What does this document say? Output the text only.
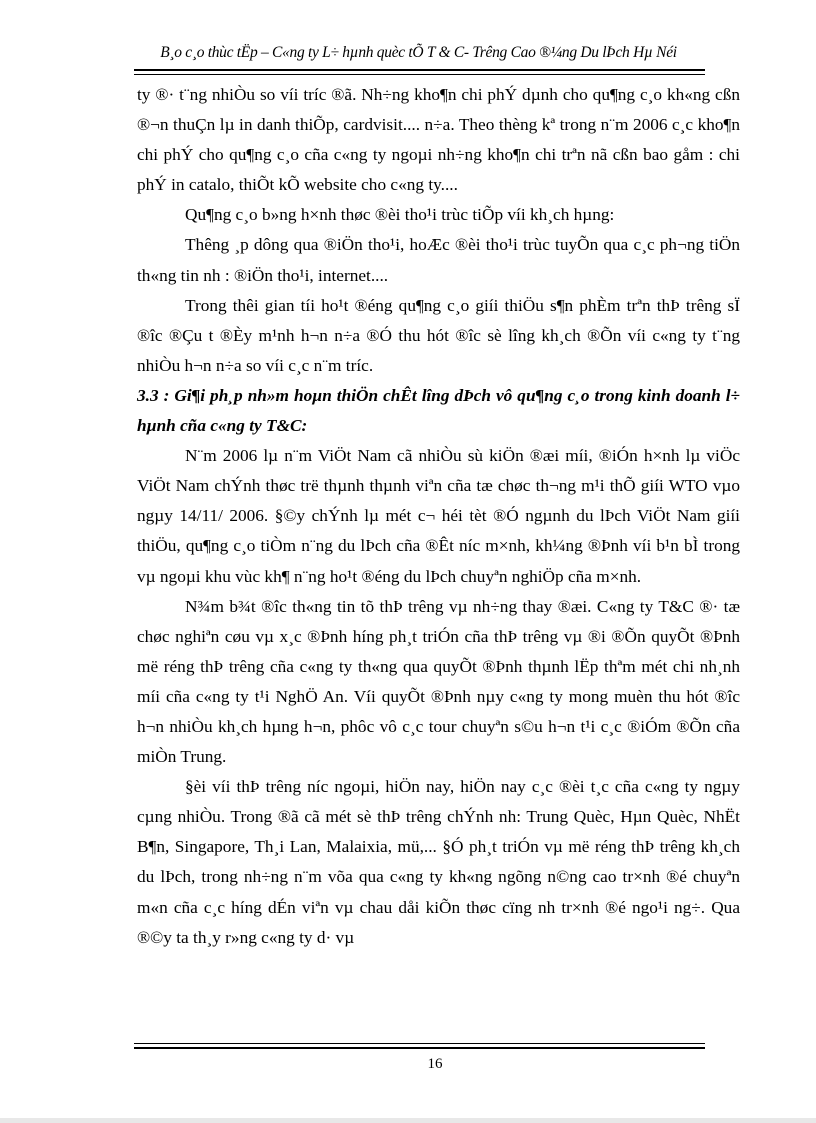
B¸o c¸o thùc tËp – C«ng ty L÷ hµnh quèc tÕ T & C- Trêng Cao ®¼ng Du lÞch Hµ Néi

ty ®· t¨ng nhiÒu so víi tríc ®ã. Nh÷ng kho¶n chi phÝ dµnh cho qu¶ng c¸o kh«ng cßn ®¬n thuÇn lµ in danh thiÕp, cardvisit.... n÷a. Theo thèng kª trong n¨m 2006 c¸c kho¶n chi phÝ cho qu¶ng c¸o cña c«ng ty ngoµi nh÷ng kho¶n chi trªn nã cßn bao gåm : chi phÝ in catalo, thiÕt kÕ website cho c«ng ty....

Qu¶ng c¸o b»ng h×nh thøc ®èi tho¹i trùc tiÕp víi kh¸ch hµng:

Thêng ¸p dông qua ®iÖn tho¹i, hoÆc ®èi tho¹i trùc tuyÕn qua c¸c ph¬ng tiÖn th«ng tin nh : ®iÖn tho¹i, internet....

Trong thêi gian tíi ho¹t ®éng qu¶ng c¸o giíi thiÖu s¶n phÈm trªn thÞ trêng sÏ ®îc ®Çu t ®Èy m¹nh h¬n n÷a ®Ó thu hót ®îc sè lîng kh¸ch ®Õn víi c«ng ty t¨ng nhiÒu h¬n n÷a so víi c¸c n¨m tríc.

3.3 : Gi¶i ph¸p nh»m hoµn thiÖn chÊt lîng dÞch vô qu¶ng c¸o trong kinh doanh l÷ hµnh cña c«ng ty T&C:

N¨m 2006 lµ n¨m ViÖt Nam cã nhiÒu sù kiÖn ®æi míi, ®iÓn h×nh lµ viÖc ViÖt Nam chÝnh thøc trë thµnh thµnh viªn cña tæ chøc th¬ng m¹i thÕ giíi WTO vµo ngµy 14/11/ 2006. §©y chÝnh lµ mét c¬ héi tèt ®Ó ngµnh du lÞch ViÖt Nam giíi thiÖu, qu¶ng c¸o tiÒm n¨ng du lÞch cña ®Êt níc m×nh, kh¼ng ®Þnh víi b¹n bÌ trong vµ ngoµi khu vùc kh¶ n¨ng ho¹t ®éng du lÞch chuyªn nghiÖp cña m×nh.

N¾m b¾t ®îc th«ng tin tõ thÞ trêng vµ nh÷ng thay ®æi. C«ng ty T&C ®· tæ chøc nghiªn cøu vµ x¸c ®Þnh híng ph¸t triÓn cña thÞ trêng vµ ®i ®Õn quyÕt ®Þnh më réng thÞ trêng cña c«ng ty th«ng qua quyÕt ®Þnh thµnh lËp thªm mét chi nh¸nh míi cña c«ng ty t¹i NghÖ An. Víi quyÕt ®Þnh nµy c«ng ty mong muèn thu hót ®îc h¬n nhiÒu kh¸ch hµng h¬n, phôc vô c¸c tour chuyªn s©u h¬n t¹i c¸c ®iÓm ®Õn cña miÒn Trung.

§èi víi thÞ trêng níc ngoµi, hiÖn nay, hiÖn nay c¸c ®èi t¸c cña c«ng ty ngµy cµng nhiÒu. Trong ®ã cã mét sè thÞ trêng chÝnh nh: Trung Quèc, Hµn Quèc, NhËt B¶n, Singapore, Th¸i Lan, Malaixia, mü,... §Ó ph¸t triÓn vµ më réng thÞ trêng kh¸ch du lÞch, trong nh÷ng n¨m võa qua c«ng ty kh«ng ngõng n©ng cao tr×nh ®é chuyªn m«n cña c¸c híng dÉn viªn vµ chau dåi kiÕn thøc cïng nh tr×nh ®é ngo¹i ng÷. Qua ®©y ta th¸y r»ng c«ng ty d· vµ

16
